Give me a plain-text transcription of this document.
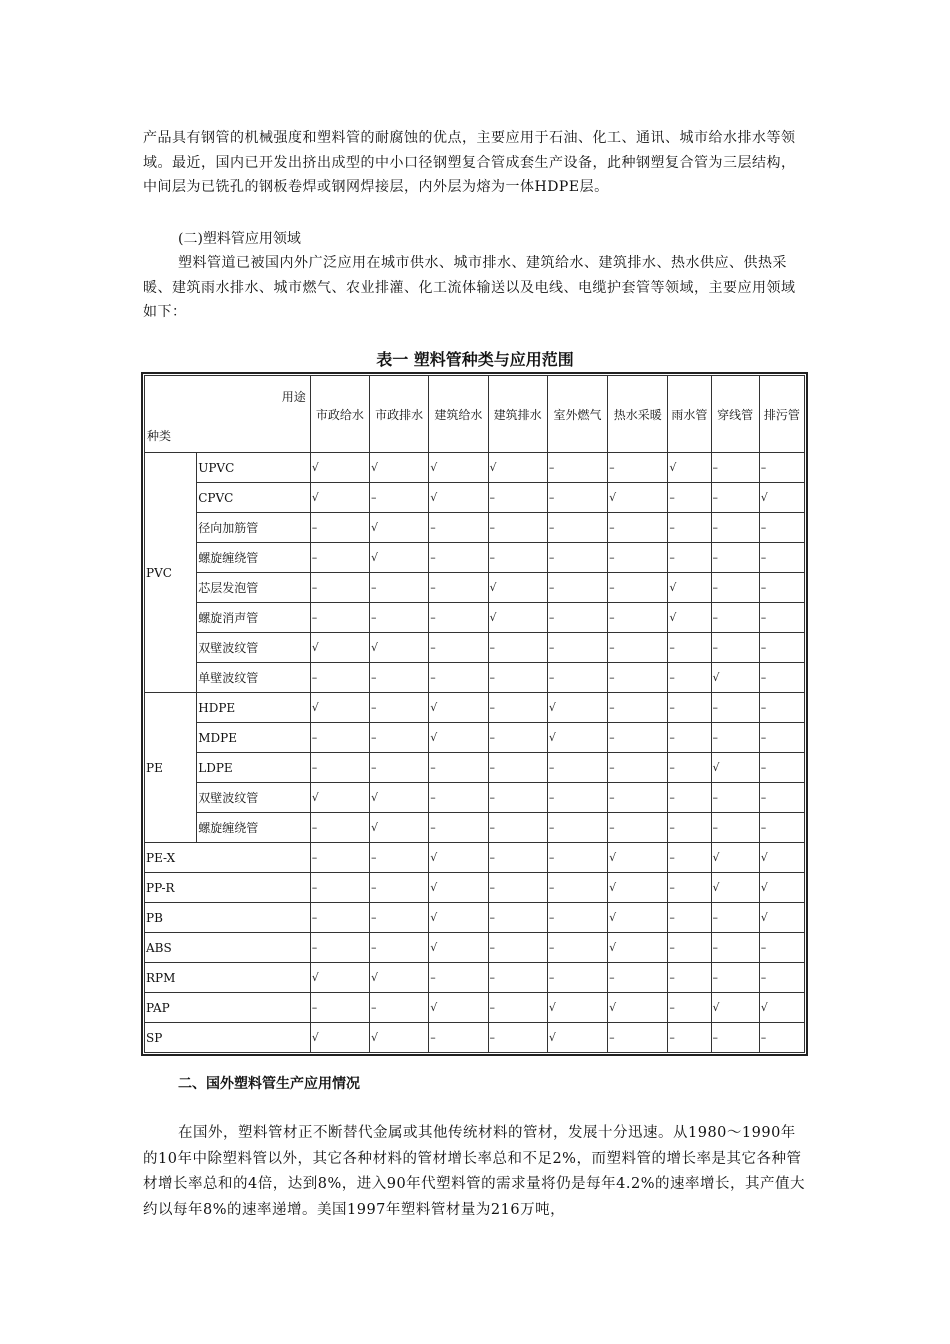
产品具有钢管的机械强度和塑料管的耐腐蚀的优点，主要应用于石油、化工、通讯、城市给水排水等领域。最近，国内已开发出挤出成型的中小口径钢塑复合管成套生产设备，此种钢塑复合管为三层结构，中间层为已铣孔的钢板卷焊或钢网焊接层，内外层为熔为一体HDPE层。

(二)塑料管应用领域

塑料管道已被国内外广泛应用在城市供水、城市排水、建筑给水、建筑排水、热水供应、供热采暖、建筑雨水排水、城市燃气、农业排灌、化工流体输送以及电线、电缆护套管等领域，主要应用领域如下：

表一 塑料管种类与应用范围

用途
种类		市政给水	市政排水	建筑给水	建筑排水	室外燃气	热水采暖	雨水管	穿线管	排污管
PVC	UPVC	√	√	√	√	–	–	√	–	–
	CPVC	√	–	√	–	–	√	–	–	√
	径向加筋管	–	√	–	–	–	–	–	–	–
	螺旋缠绕管	–	√	–	–	–	–	–	–	–
	芯层发泡管	–	–	–	√	–	–	√	–	–
	螺旋消声管	–	–	–	√	–	–	√	–	–
	双壁波纹管	√	√	–	–	–	–	–	–	–
	单壁波纹管	–	–	–	–	–	–	–	√	–
PE	HDPE	√	–	√	–	√	–	–	–	–
	MDPE	–	–	√	–	√	–	–	–	–
	LDPE	–	–	–	–	–	–	–	√	–
	双壁波纹管	√	√	–	–	–	–	–	–	–
	螺旋缠绕管	–	√	–	–	–	–	–	–	–
PE-X		–	–	√	–	–	√	–	√	√
PP-R		–	–	√	–	–	√	–	√	√
PB		–	–	√	–	–	√	–	–	√
ABS		–	–	√	–	–	√	–	–	–
RPM		√	√	–	–	–	–	–	–	–
PAP		–	–	√	–	√	√	–	√	√
SP		√	√	–	–	√	–	–	–	–

二、国外塑料管生产应用情况

在国外，塑料管材正不断替代金属或其他传统材料的管材，发展十分迅速。从1980～1990年的10年中除塑料管以外，其它各种材料的管材增长率总和不足2%，而塑料管的增长率是其它各种管材增长率总和的4倍，达到8%，进入90年代塑料管的需求量将仍是每年4.2%的速率增长，其产值大约以每年8%的速率递增。美国1997年塑料管材量为216万吨，
